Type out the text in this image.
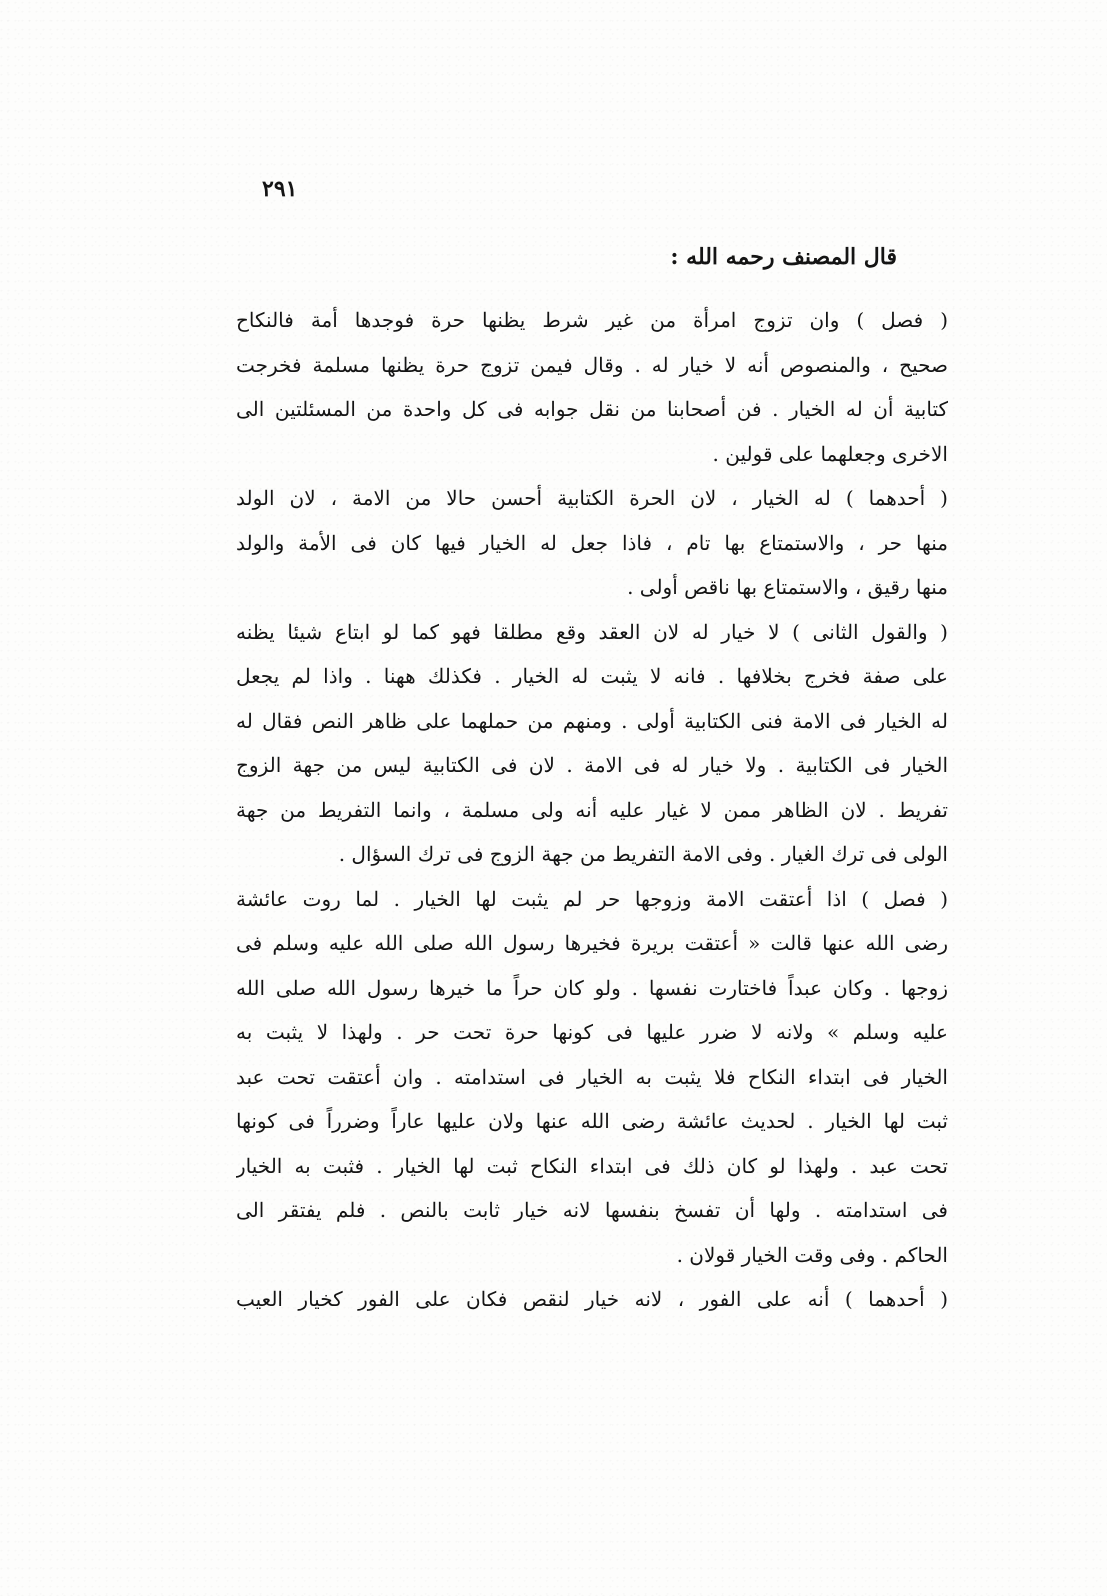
٢٩١
قال المصنف رحمه الله :
( فصل ) وان تزوج امرأة من غير شرط يظنها حرة فوجدها أمة فالنكاح
صحيح ، والمنصوص أنه لا خيار له . وقال فيمن تزوج حرة يظنها مسلمة فخرجت
كتابية أن له الخيار . فن أصحابنا من نقل جوابه فى كل واحدة من المسئلتين الى
الاخرى وجعلهما على قولين .
( أحدهما ) له الخيار ، لان الحرة الكتابية أحسن حالا من الامة ، لان الولد
منها حر ، والاستمتاع بها تام ، فاذا جعل له الخيار فيها كان فى الأمة والولد
منها رقيق ، والاستمتاع بها ناقص أولى .
( والقول الثانى ) لا خيار له لان العقد وقع مطلقا فهو كما لو ابتاع شيئا يظنه
على صفة فخرج بخلافها . فانه لا يثبت له الخيار . فكذلك ههنا . واذا لم يجعل
له الخيار فى الامة فنى الكتابية أولى . ومنهم من حملهما على ظاهر النص فقال له
الخيار فى الكتابية . ولا خيار له فى الامة . لان فى الكتابية ليس من جهة الزوج
تفريط . لان الظاهر ممن لا غيار عليه أنه ولى مسلمة ، وانما التفريط من جهة
الولى فى ترك الغيار . وفى الامة التفريط من جهة الزوج فى ترك السؤال .
( فصل ) اذا أعتقت الامة وزوجها حر لم يثبت لها الخيار . لما روت عائشة
رضى الله عنها قالت « أعتقت بريرة فخيرها رسول الله صلى الله عليه وسلم فى
زوجها . وكان عبداً فاختارت نفسها . ولو كان حراً ما خيرها رسول الله صلى الله
عليه وسلم » ولانه لا ضرر عليها فى كونها حرة تحت حر . ولهذا لا يثبت به
الخيار فى ابتداء النكاح فلا يثبت به الخيار فى استدامته . وان أعتقت تحت عبد
ثبت لها الخيار . لحديث عائشة رضى الله عنها ولان عليها عاراً وضرراً فى كونها
تحت عبد . ولهذا لو كان ذلك فى ابتداء النكاح ثبت لها الخيار . فثبت به الخيار
فى استدامته . ولها أن تفسخ بنفسها لانه خيار ثابت بالنص . فلم يفتقر الى
الحاكم . وفى وقت الخيار قولان .
( أحدهما ) أنه على الفور ، لانه خيار لنقص فكان على الفور كخيار العيب
